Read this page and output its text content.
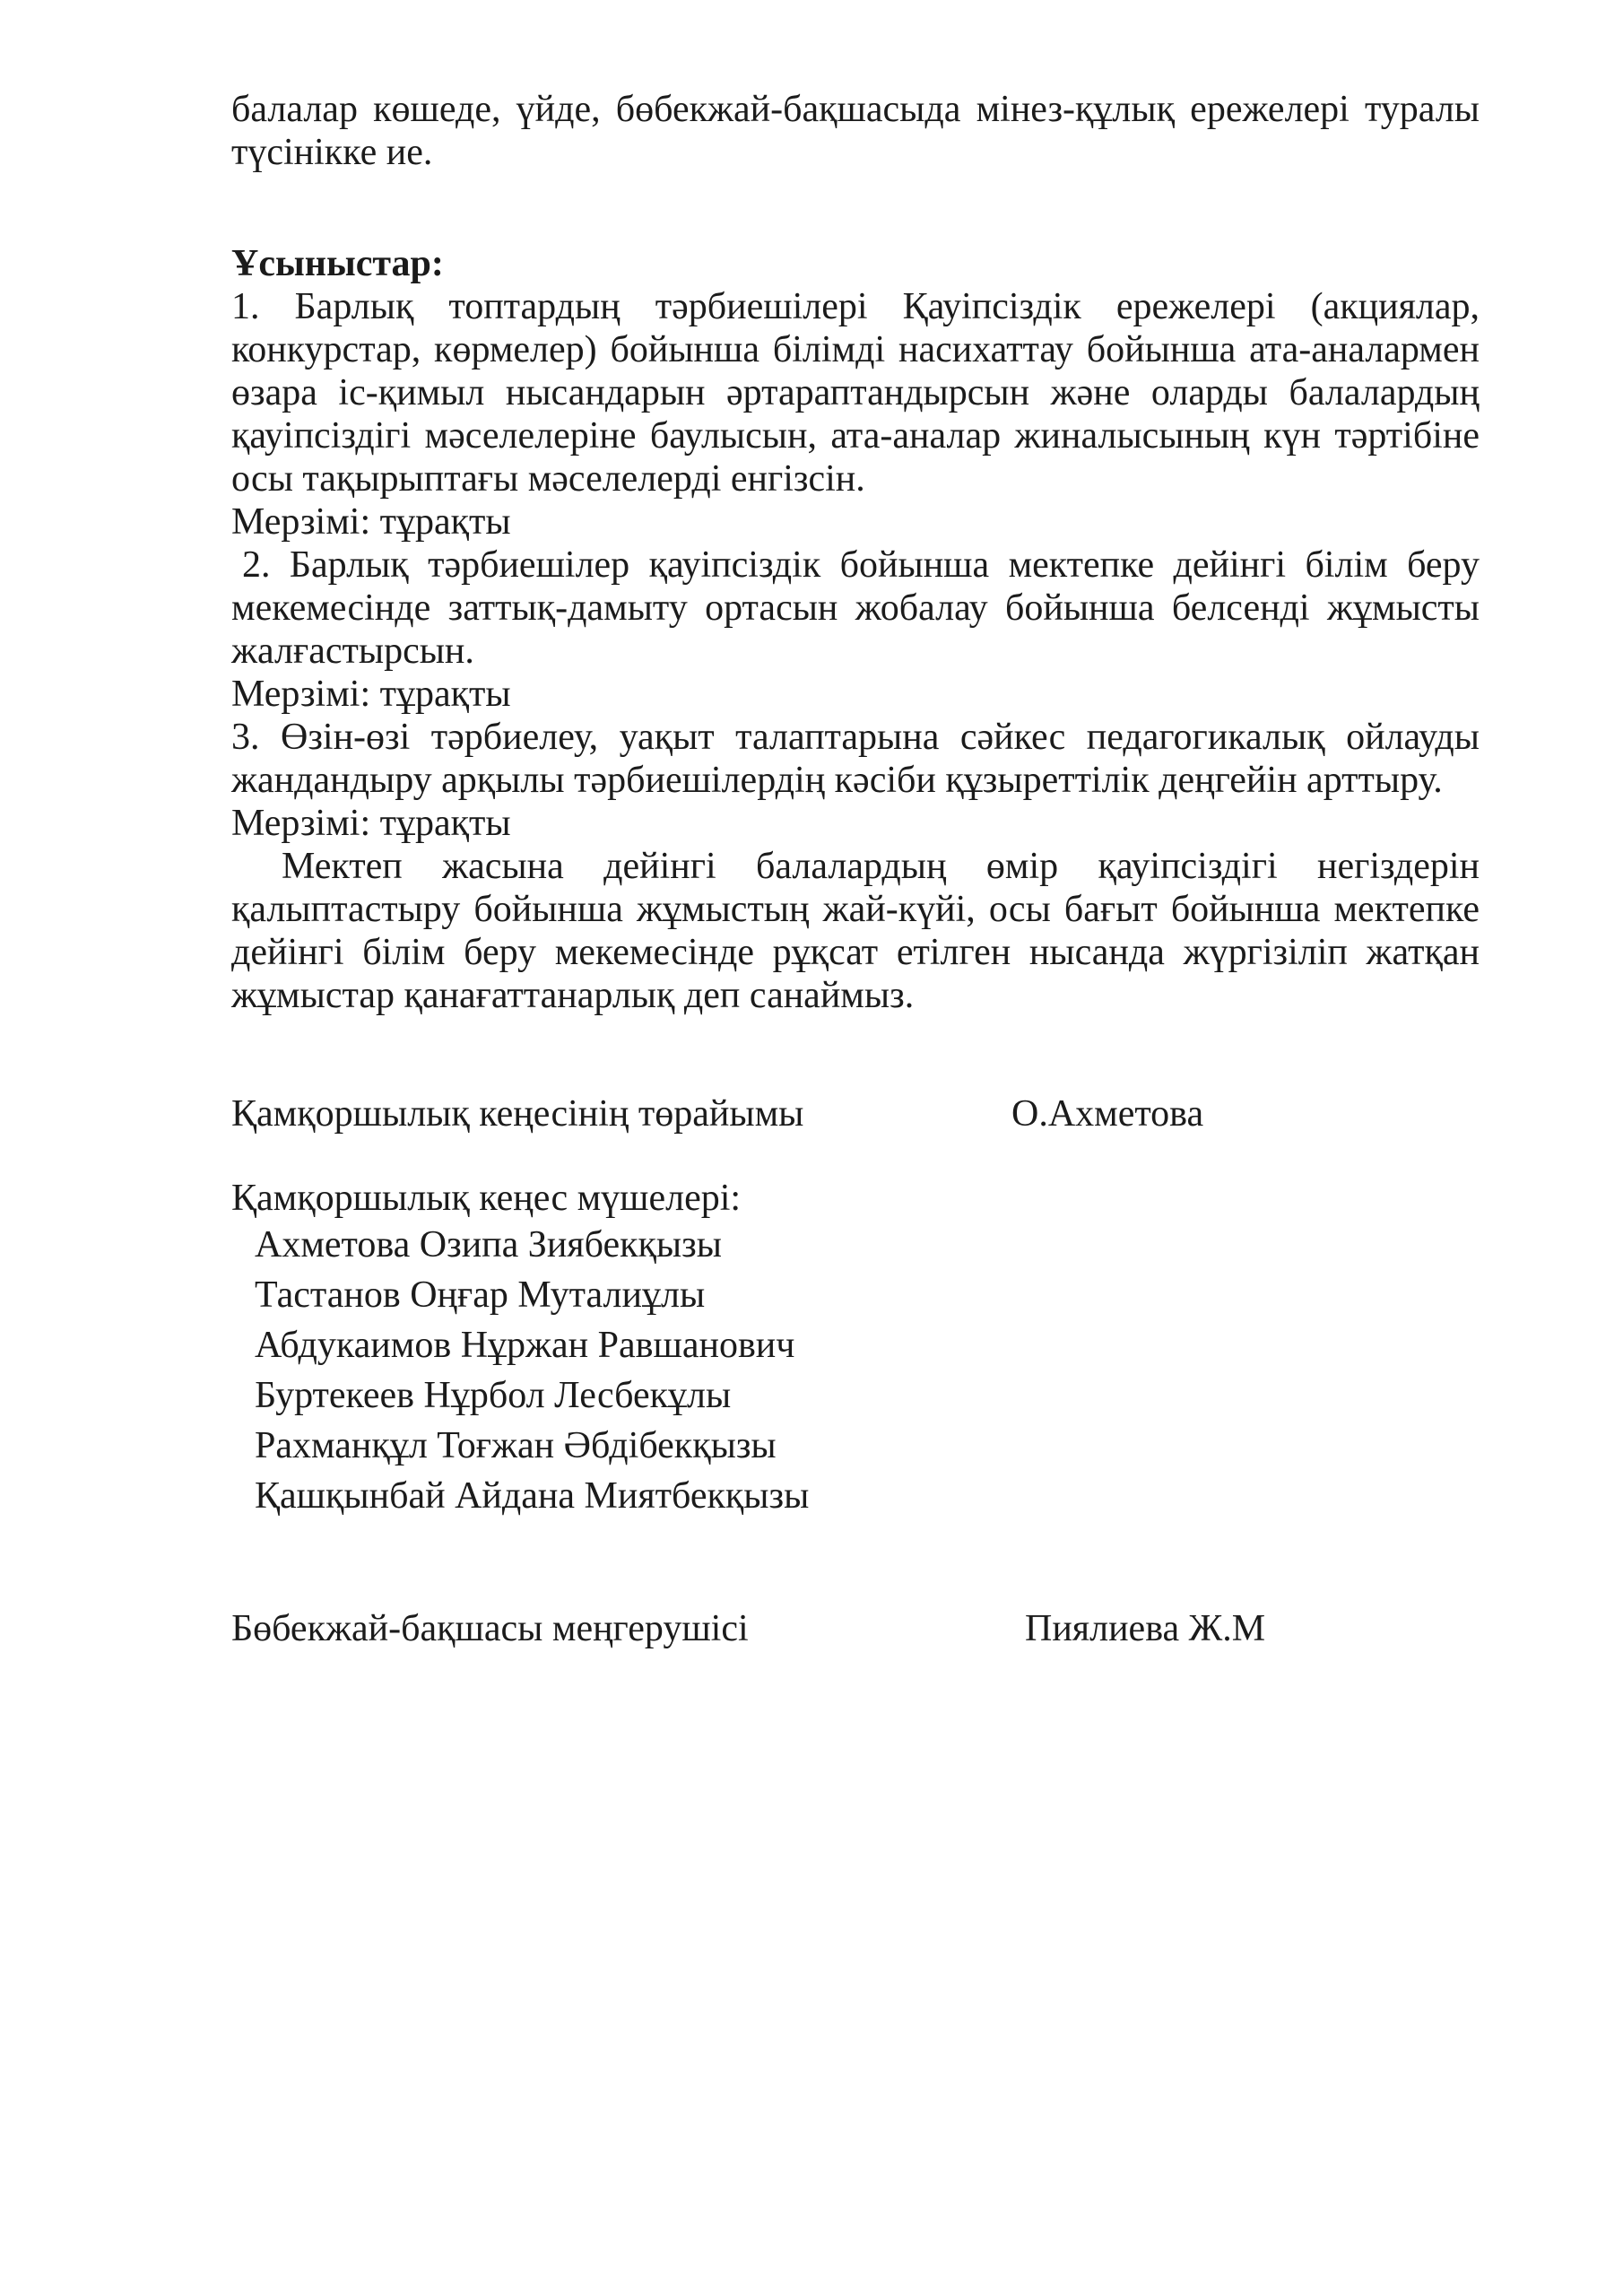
балалар көшеде, үйде, бөбекжай-бақшасыда мінез-құлық ережелері туралы түсінікке ие.

Ұсыныстар:

1. Барлық топтардың тәрбиешілері Қауіпсіздік ережелері (акциялар, конкурстар, көрмелер) бойынша білімді насихаттау бойынша ата-аналармен өзара іс-қимыл нысандарын әртараптандырсын және оларды балалардың қауіпсіздігі мәселелеріне баулысын, ата-аналар жиналысының күн тәртібіне осы тақырыптағы мәселелерді енгізсін.

Мерзімі: тұрақты

2. Барлық тәрбиешілер қауіпсіздік бойынша мектепке дейінгі білім беру мекемесінде заттық-дамыту ортасын жобалау бойынша белсенді жұмысты жалғастырсын.

Мерзімі: тұрақты

3. Өзін-өзі тәрбиелеу, уақыт талаптарына сәйкес педагогикалық ойлауды жандандыру арқылы тәрбиешілердің кәсіби құзыреттілік деңгейін арттыру.

Мерзімі: тұрақты

Мектеп жасына дейінгі балалардың өмір қауіпсіздігі негіздерін қалыптастыру бойынша жұмыстың жай-күйі, осы бағыт бойынша мектепке дейінгі білім беру мекемесінде рұқсат етілген нысанда жүргізіліп жатқан жұмыстар қанағаттанарлық деп санаймыз.

Қамқоршылық кеңесінің төрайымы	О.Ахметова

Қамқоршылық кеңес мүшелері:

Ахметова Озипа Зиябекқызы
Тастанов Оңғар Муталиұлы
Абдукаимов Нұржан Равшанович
Буртекеев Нұрбол Лесбекұлы
Рахманқұл Тоғжан Әбдібекқызы
Қашқынбай Айдана Миятбекқызы
Бөбекжай-бақшасы меңгерушісі	Пиялиева Ж.М
